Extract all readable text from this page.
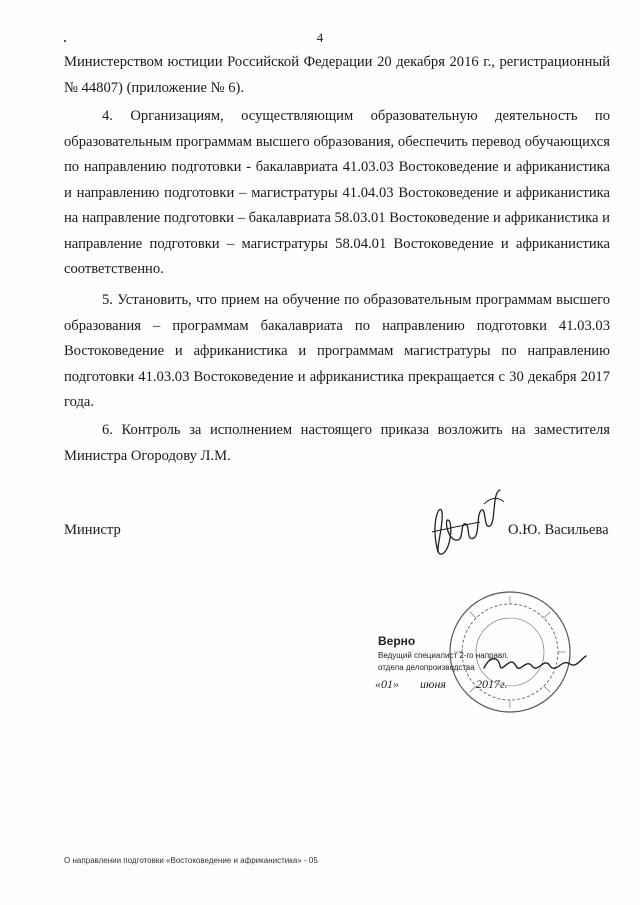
4

Министерством юстиции Российской Федерации 20 декабря 2016 г., регистрационный № 44807) (приложение № 6).

4. Организациям, осуществляющим образовательную деятельность по образовательным программам высшего образования, обеспечить перевод обучающихся по направлению подготовки - бакалавриата 41.03.03 Востоковедение и африканистика и направлению подготовки – магистратуры 41.04.03 Востоковедение и африканистика на направление подготовки – бакалавриата 58.03.01 Востоковедение и африканистика и направление подготовки – магистратуры 58.04.01 Востоковедение и африканистика соответственно.

5. Установить, что прием на обучение по образовательным программам высшего образования – программам бакалавриата по направлению подготовки 41.03.03 Востоковедение и африканистика и программам магистратуры по направлению подготовки 41.03.03 Востоковедение и африканистика прекращается с 30 декабря 2017 года.

6. Контроль за исполнением настоящего приказа возложить на заместителя Министра Огородову Л.М.

Министр	О.Ю. Васильева
Верно
Ведущий специалист 2-го направл.
отдела делопроизводства
«01» июня	2017г.
О направлении подготовки «Востоковедение и африканистика» - 05
